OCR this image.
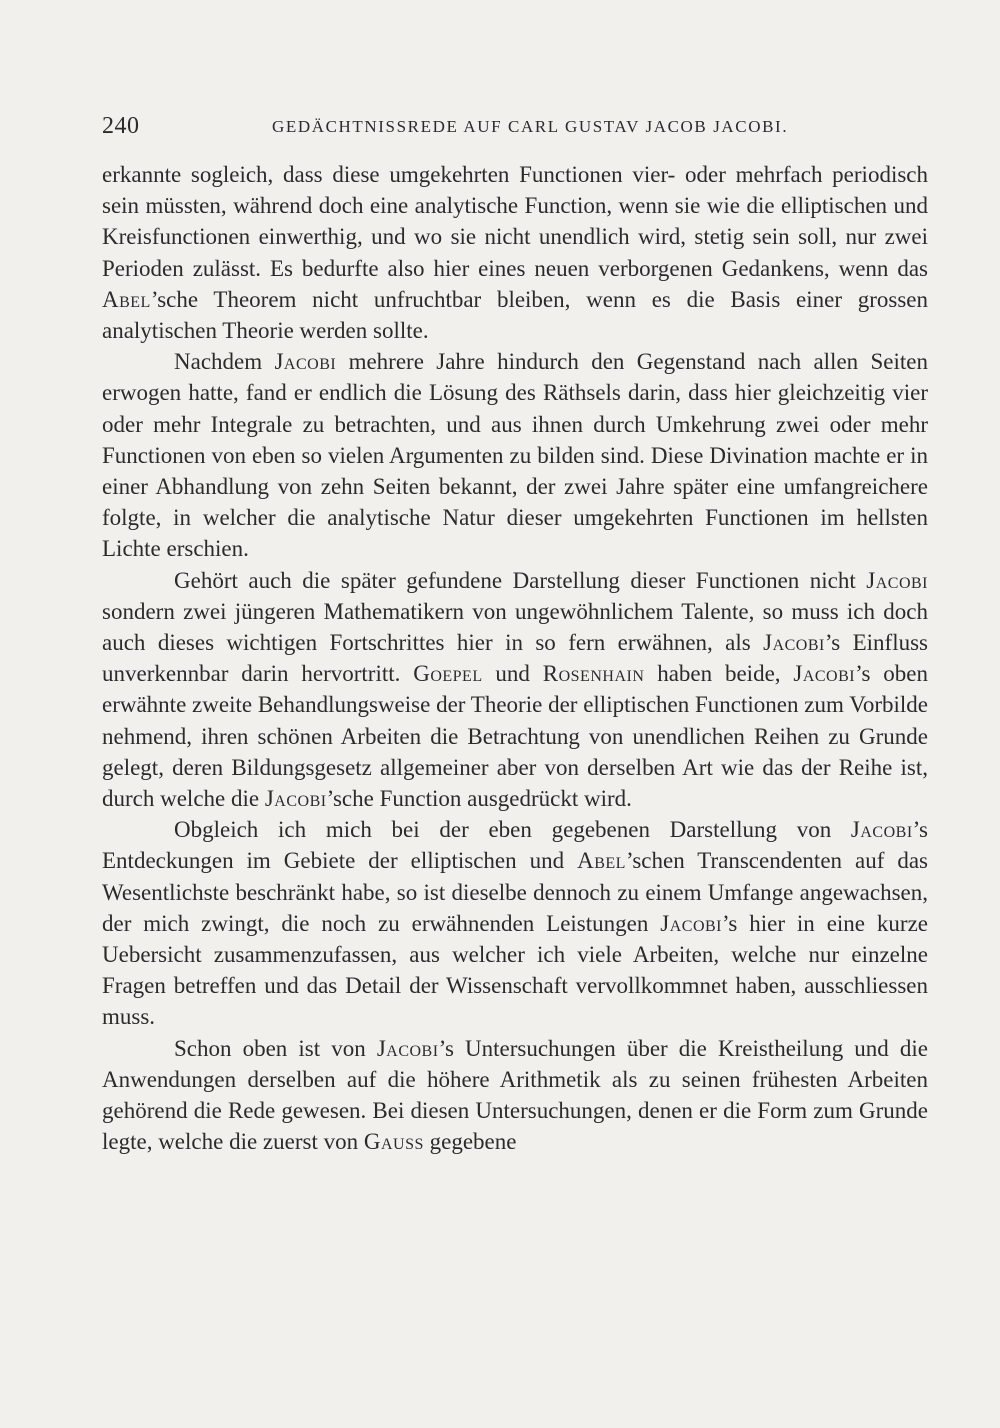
240	GEDÄCHTNISSREDE AUF CARL GUSTAV JACOB JACOBI.

erkannte sogleich, dass diese umgekehrten Functionen vier- oder mehrfach periodisch sein müssten, während doch eine analytische Function, wenn sie wie die elliptischen und Kreisfunctionen einwerthig, und wo sie nicht unendlich wird, stetig sein soll, nur zwei Perioden zulässt. Es bedurfte also hier eines neuen verborgenen Gedankens, wenn das Abel’sche Theorem nicht unfruchtbar bleiben, wenn es die Basis einer grossen analytischen Theorie werden sollte.

Nachdem Jacobi mehrere Jahre hindurch den Gegenstand nach allen Seiten erwogen hatte, fand er endlich die Lösung des Räthsels darin, dass hier gleichzeitig vier oder mehr Integrale zu betrachten, und aus ihnen durch Umkehrung zwei oder mehr Functionen von eben so vielen Argumenten zu bilden sind. Diese Divination machte er in einer Abhandlung von zehn Seiten bekannt, der zwei Jahre später eine umfangreichere folgte, in welcher die analytische Natur dieser umgekehrten Functionen im hellsten Lichte erschien.

Gehört auch die später gefundene Darstellung dieser Functionen nicht Jacobi sondern zwei jüngeren Mathematikern von ungewöhnlichem Talente, so muss ich doch auch dieses wichtigen Fortschrittes hier in so fern erwähnen, als Jacobi’s Einfluss unverkennbar darin hervortritt. Goepel und Rosenhain haben beide, Jacobi’s oben erwähnte zweite Behandlungsweise der Theorie der elliptischen Functionen zum Vorbilde nehmend, ihren schönen Arbeiten die Betrachtung von unendlichen Reihen zu Grunde gelegt, deren Bildungsgesetz allgemeiner aber von derselben Art wie das der Reihe ist, durch welche die Jacobi’sche Function ausgedrückt wird.

Obgleich ich mich bei der eben gegebenen Darstellung von Jacobi’s Entdeckungen im Gebiete der elliptischen und Abel’schen Transcendenten auf das Wesentlichste beschränkt habe, so ist dieselbe dennoch zu einem Umfange angewachsen, der mich zwingt, die noch zu erwähnenden Leistungen Jacobi’s hier in eine kurze Uebersicht zusammenzufassen, aus welcher ich viele Arbeiten, welche nur einzelne Fragen betreffen und das Detail der Wissenschaft vervollkommnet haben, ausschliessen muss.

Schon oben ist von Jacobi’s Untersuchungen über die Kreistheilung und die Anwendungen derselben auf die höhere Arithmetik als zu seinen frühesten Arbeiten gehörend die Rede gewesen. Bei diesen Untersuchungen, denen er die Form zum Grunde legte, welche die zuerst von Gauss gegebene
